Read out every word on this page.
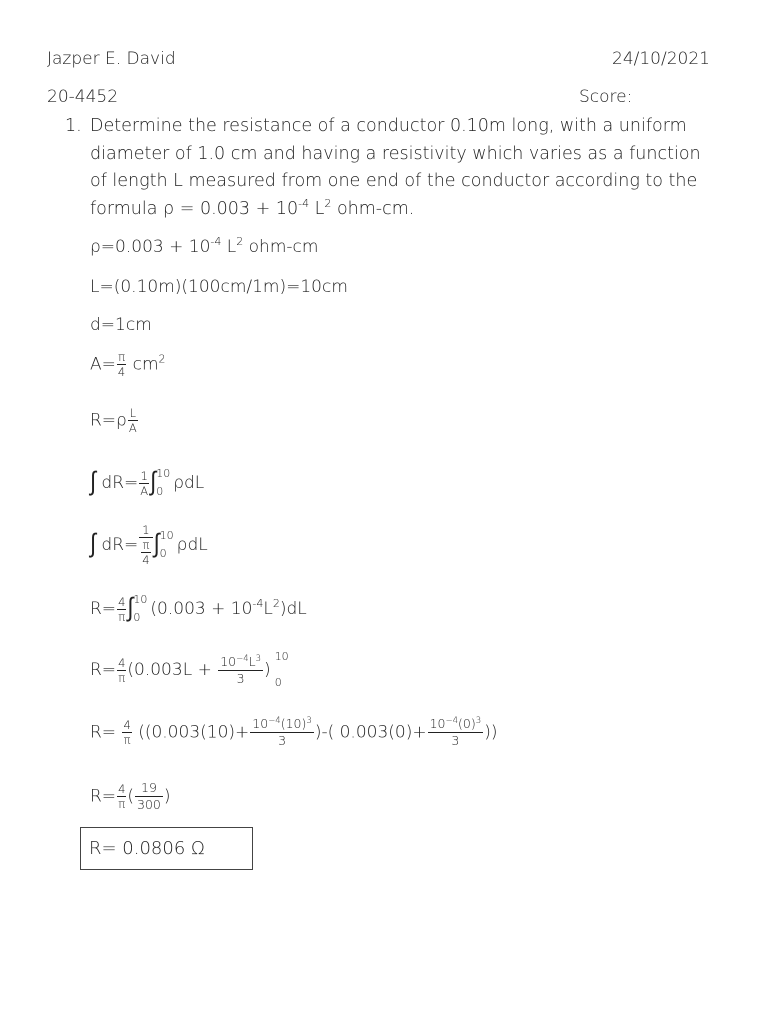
Jazper E. David	24/10/2021
20-4452	Score:
1. Determine the resistance of a conductor 0.10m long, with a uniform
diameter of 1.0 cm and having a resistivity which varies as a function
of length L measured from one end of the conductor according to the
formula $\rho = 0.003 + 10^{-4}$ $L^2$ ohm-cm.
$\rho=0.003 + 10^{-4}$ $L^2$ ohm-cm
L=(0.10m)(100cm/1m)=10cm
d=1cm
$A= \frac{\pi}{4} cm^2$
$R=\rho \frac{L}{A}$
∫ $dR= \frac{1}{A}$ ∫ 10
0 ρdL
∫ $dR= \frac{1}{\frac{\pi}{4}}$ ∫ 10
0 ρdL
$R= \frac{4}{\pi}$ ∫ 10
0 $(0.003 + 10^{-4}L^2)dL$
$R= \frac{4}{\pi} (0.003L + \frac{10^{-4}L^3}{3}$ )
10
0
$R= \frac{4}{\pi} ((0.003(10)+ \frac{10^{-4}(10)^3}{3}$ )-( $0.003(0)+ \frac{10^{-4}(0)^3}{3}$ ))
$R= \frac{4}{\pi}$ ( $\frac{19}{300}$ )
R= 0.0806 Ω
